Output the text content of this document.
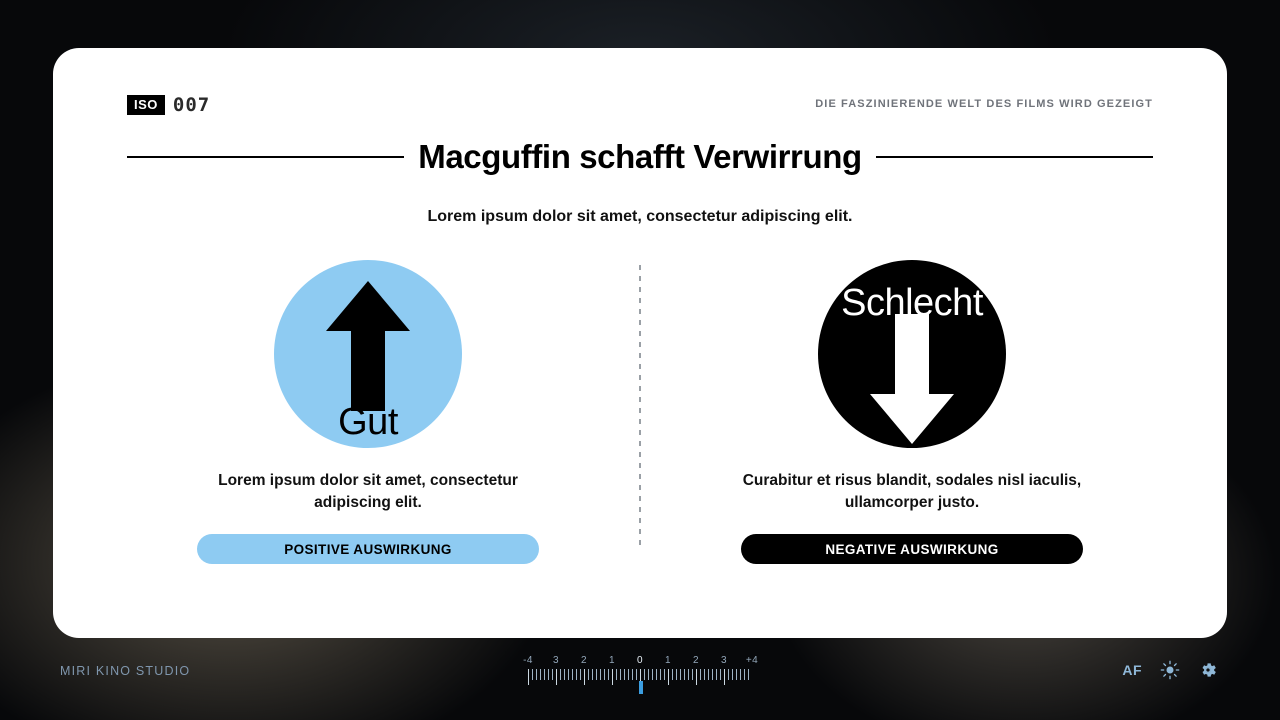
ISO 007	DIE FASZINIERENDE WELT DES FILMS WIRD GEZEIGT
Macguffin schafft Verwirrung
Lorem ipsum dolor sit amet, consectetur adipiscing elit.
Gut
Lorem ipsum dolor sit amet, consectetur adipiscing elit.
POSITIVE AUSWIRKUNG
Schlecht
Curabitur et risus blandit, sodales nisl iaculis, ullamcorper justo.
NEGATIVE AUSWIRKUNG
MIRI KINO STUDIO
-4	3	2	1	0	1	2	3	+4
AF
